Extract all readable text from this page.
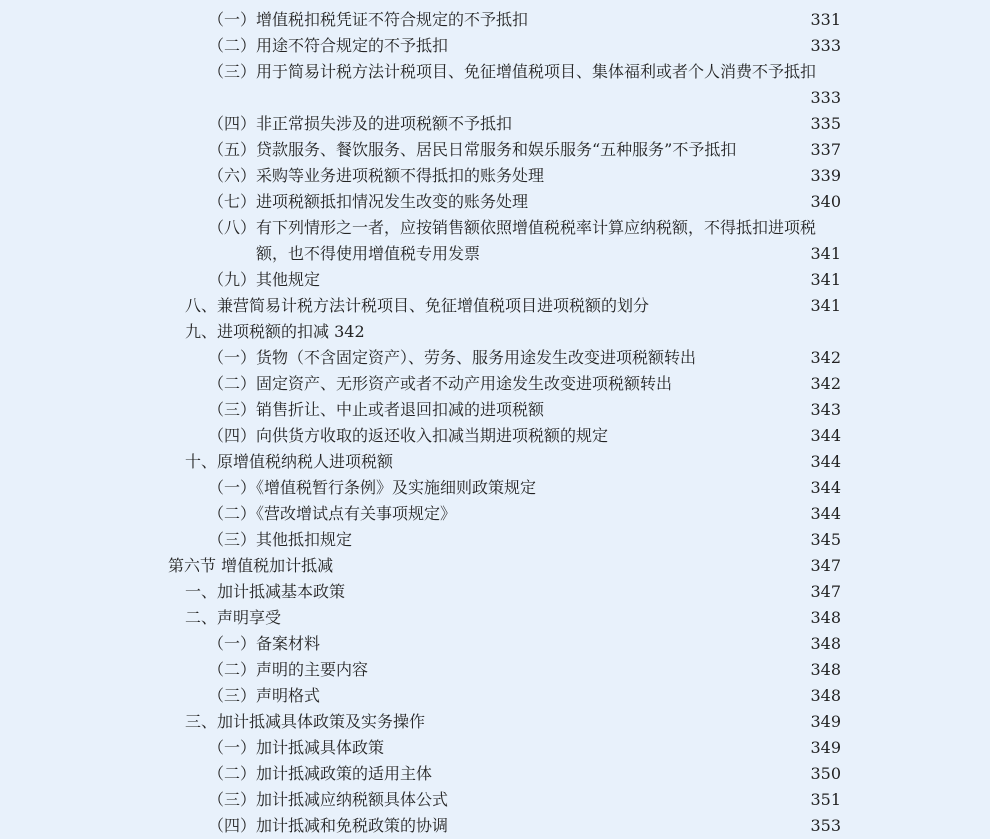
（一）增值税扣税凭证不符合规定的不予抵扣	331
（二）用途不符合规定的不予抵扣	333
（三）用于简易计税方法计税项目、免征增值税项目、集体福利或者个人消费不予抵扣
333
（四）非正常损失涉及的进项税额不予抵扣	335
（五）贷款服务、餐饮服务、居民日常服务和娱乐服务“五种服务”不予抵扣	337
（六）采购等业务进项税额不得抵扣的账务处理	339
（七）进项税额抵扣情况发生改变的账务处理	340
（八）有下列情形之一者，应按销售额依照增值税税率计算应纳税额，不得抵扣进项税额，也不得使用增值税专用发票	341
（九）其他规定	341
八、兼营简易计税方法计税项目、免征增值税项目进项税额的划分	341
九、进项税额的扣减 342
（一）货物（不含固定资产）、劳务、服务用途发生改变进项税额转出	342
（二）固定资产、无形资产或者不动产用途发生改变进项税额转出	342
（三）销售折让、中止或者退回扣减的进项税额	343
（四）向供货方收取的返还收入扣减当期进项税额的规定	344
十、原增值税纳税人进项税额	344
（一）《增值税暂行条例》及实施细则政策规定	344
（二）《营改增试点有关事项规定》	344
（三）其他抵扣规定	345
第六节 增值税加计抵减	347
一、加计抵减基本政策	347
二、声明享受	348
（一）备案材料	348
（二）声明的主要内容	348
（三）声明格式	348
三、加计抵减具体政策及实务操作	349
（一）加计抵减具体政策	349
（二）加计抵减政策的适用主体	350
（三）加计抵减应纳税额具体公式	351
（四）加计抵减和免税政策的协调	353
